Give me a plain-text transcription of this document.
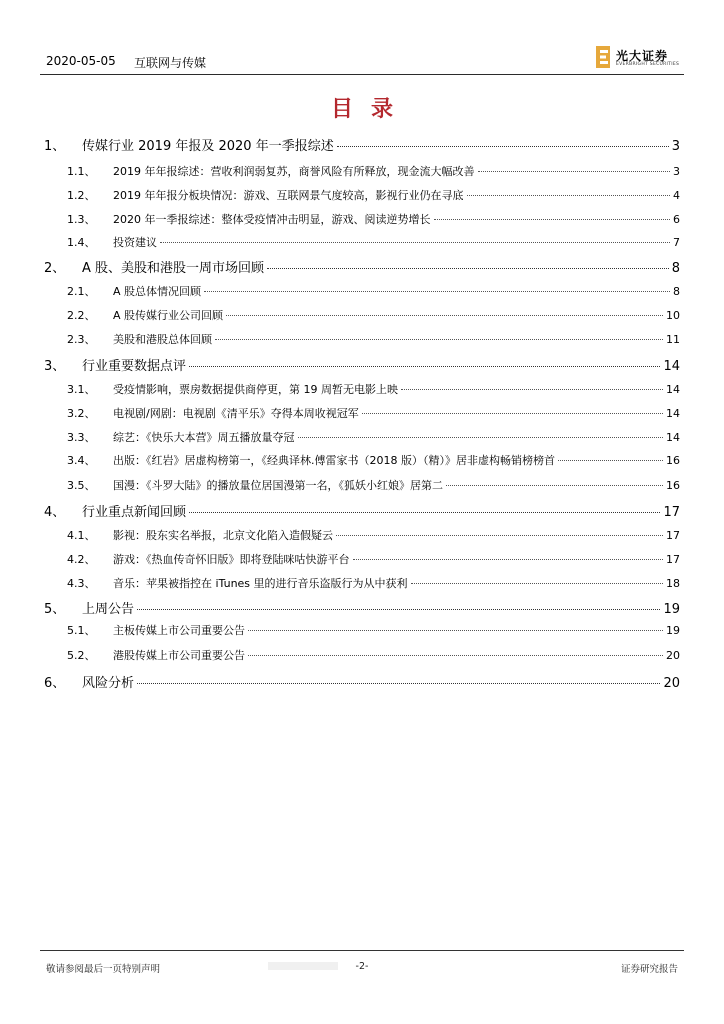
2020-05-05 互联网与传媒	光大证券
EVERBRIGHT SECURITIES
目录
1、	传媒行业 2019 年报及 2020 年一季报综述	3
1.1、	2019 年年报综述：营收利润弱复苏，商誉风险有所释放，现金流大幅改善	3
1.2、	2019 年年报分板块情况：游戏、互联网景气度较高，影视行业仍在寻底	4
1.3、	2020 年一季报综述：整体受疫情冲击明显，游戏、阅读逆势增长	6
1.4、	投资建议	7
2、	A 股、美股和港股一周市场回顾	8
2.1、	A 股总体情况回顾	8
2.2、	A 股传媒行业公司回顾	10
2.3、	美股和港股总体回顾	11
3、	行业重要数据点评	14
3.1、	受疫情影响，票房数据提供商停更，第 19 周暂无电影上映	14
3.2、	电视剧/网剧：电视剧《清平乐》夺得本周收视冠军	14
3.3、	综艺：《快乐大本营》周五播放量夺冠	14
3.4、	出版：《红岩》居虚构榜第一，《经典译林.傅雷家书（2018 版）（精）》居非虚构畅销榜榜首	16
3.5、	国漫：《斗罗大陆》的播放量位居国漫第一名，《狐妖小红娘》居第二	16
4、	行业重点新闻回顾	17
4.1、	影视：股东实名举报，北京文化陷入造假疑云	17
4.2、	游戏：《热血传奇怀旧版》即将登陆咪咕快游平台	17
4.3、	音乐：苹果被指控在 iTunes 里的进行音乐盗版行为从中获利	18
5、	上周公告	19
5.1、	主板传媒上市公司重要公告	19
5.2、	港股传媒上市公司重要公告	20
6、	风险分析	20
敬请参阅最后一页特别声明	-2-	证券研究报告
